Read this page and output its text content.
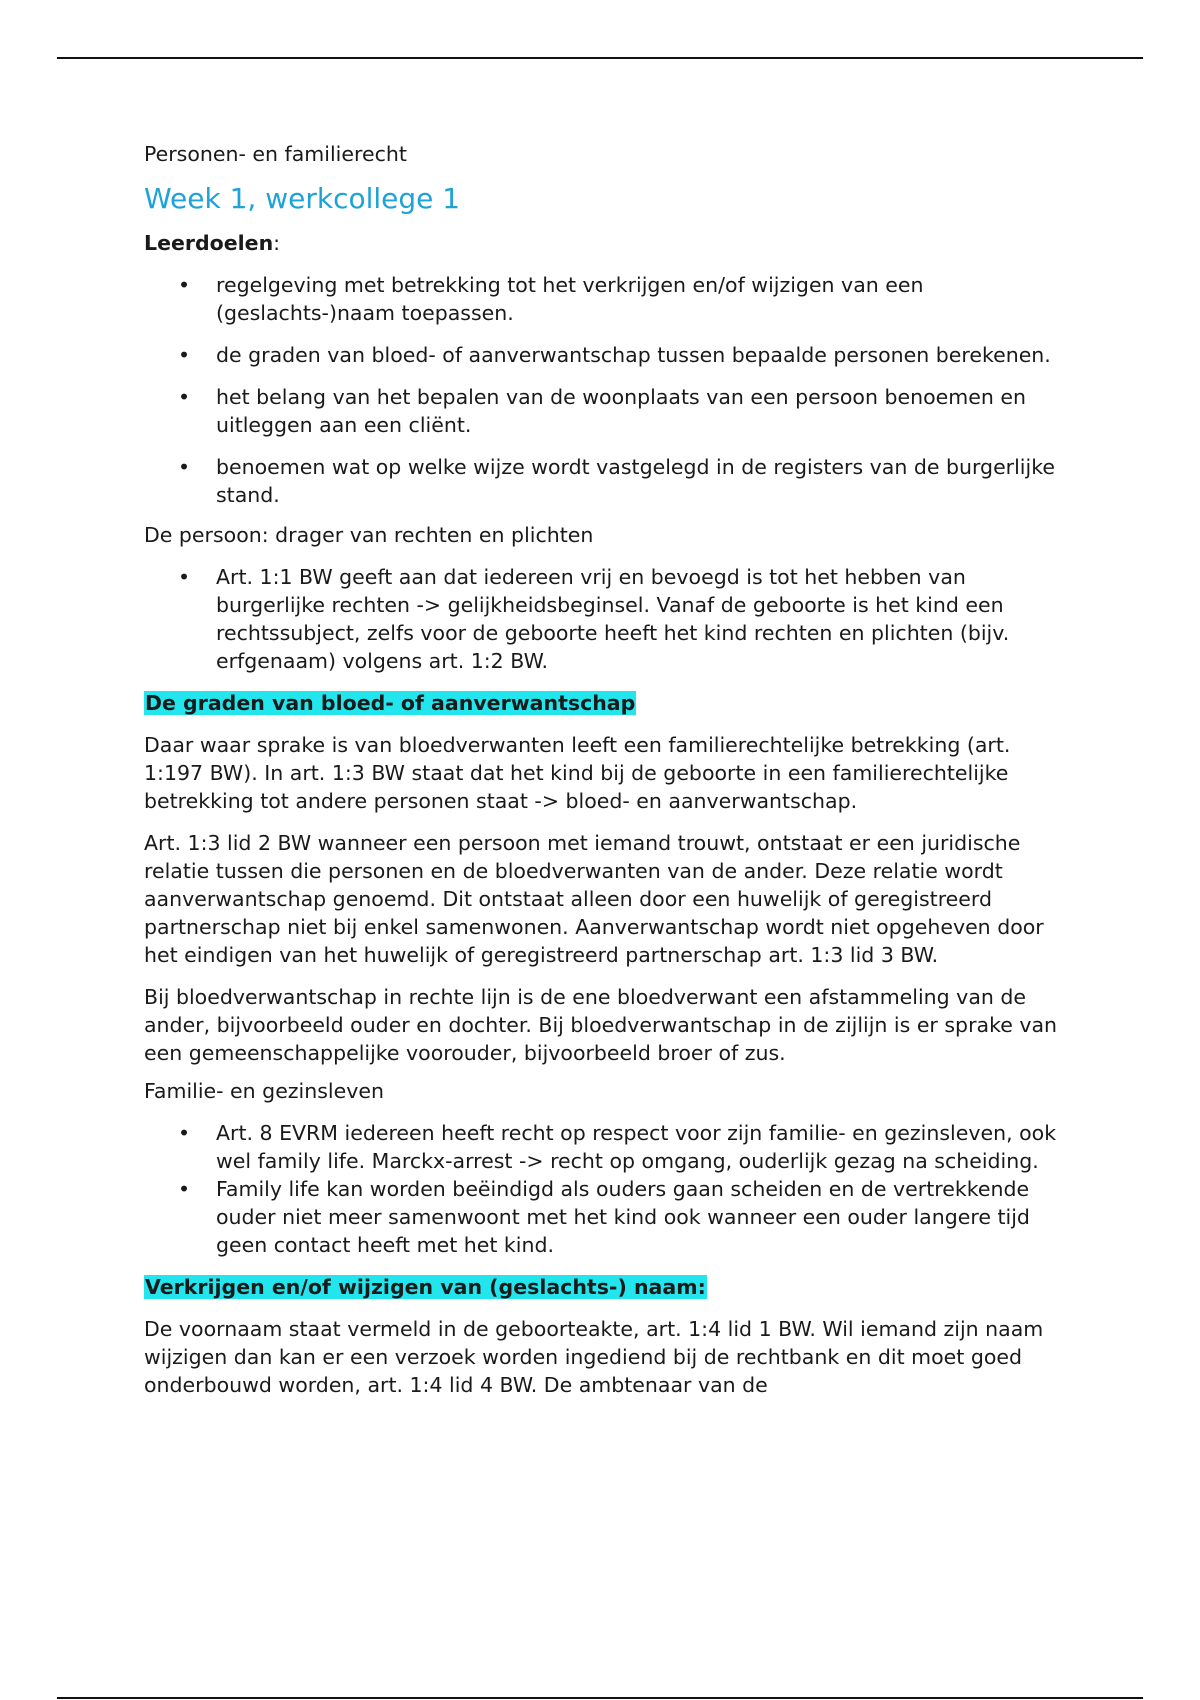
Personen- en familierecht

Week 1, werkcollege 1

Leerdoelen:

• regelgeving met betrekking tot het verkrijgen en/of wijzigen van een (geslachts-)naam toepassen.
• de graden van bloed- of aanverwantschap tussen bepaalde personen berekenen.
• het belang van het bepalen van de woonplaats van een persoon benoemen en uitleggen aan een cliënt.
• benoemen wat op welke wijze wordt vastgelegd in de registers van de burgerlijke stand.

De persoon: drager van rechten en plichten

• Art. 1:1 BW geeft aan dat iedereen vrij en bevoegd is tot het hebben van burgerlijke rechten -> gelijkheidsbeginsel. Vanaf de geboorte is het kind een rechtssubject, zelfs voor de geboorte heeft het kind rechten en plichten (bijv. erfgenaam) volgens art. 1:2 BW.

De graden van bloed- of aanverwantschap

Daar waar sprake is van bloedverwanten leeft een familierechtelijke betrekking (art. 1:197 BW). In art. 1:3 BW staat dat het kind bij de geboorte in een familierechtelijke betrekking tot andere personen staat -> bloed- en aanverwantschap.

Art. 1:3 lid 2 BW wanneer een persoon met iemand trouwt, ontstaat er een juridische relatie tussen die personen en de bloedverwanten van de ander. Deze relatie wordt aanverwantschap genoemd. Dit ontstaat alleen door een huwelijk of geregistreerd partnerschap niet bij enkel samenwonen. Aanverwantschap wordt niet opgeheven door het eindigen van het huwelijk of geregistreerd partnerschap art. 1:3 lid 3 BW.

Bij bloedverwantschap in rechte lijn is de ene bloedverwant een afstammeling van de ander, bijvoorbeeld ouder en dochter. Bij bloedverwantschap in de zijlijn is er sprake van een gemeenschappelijke voorouder, bijvoorbeeld broer of zus.

Familie- en gezinsleven

• Art. 8 EVRM iedereen heeft recht op respect voor zijn familie- en gezinsleven, ook wel family life. Marckx-arrest -> recht op omgang, ouderlijk gezag na scheiding.
• Family life kan worden beëindigd als ouders gaan scheiden en de vertrekkende ouder niet meer samenwoont met het kind ook wanneer een ouder langere tijd geen contact heeft met het kind.

Verkrijgen en/of wijzigen van (geslachts-) naam:

De voornaam staat vermeld in de geboorteakte, art. 1:4 lid 1 BW. Wil iemand zijn naam wijzigen dan kan er een verzoek worden ingediend bij de rechtbank en dit moet goed onderbouwd worden, art. 1:4 lid 4 BW. De ambtenaar van de
